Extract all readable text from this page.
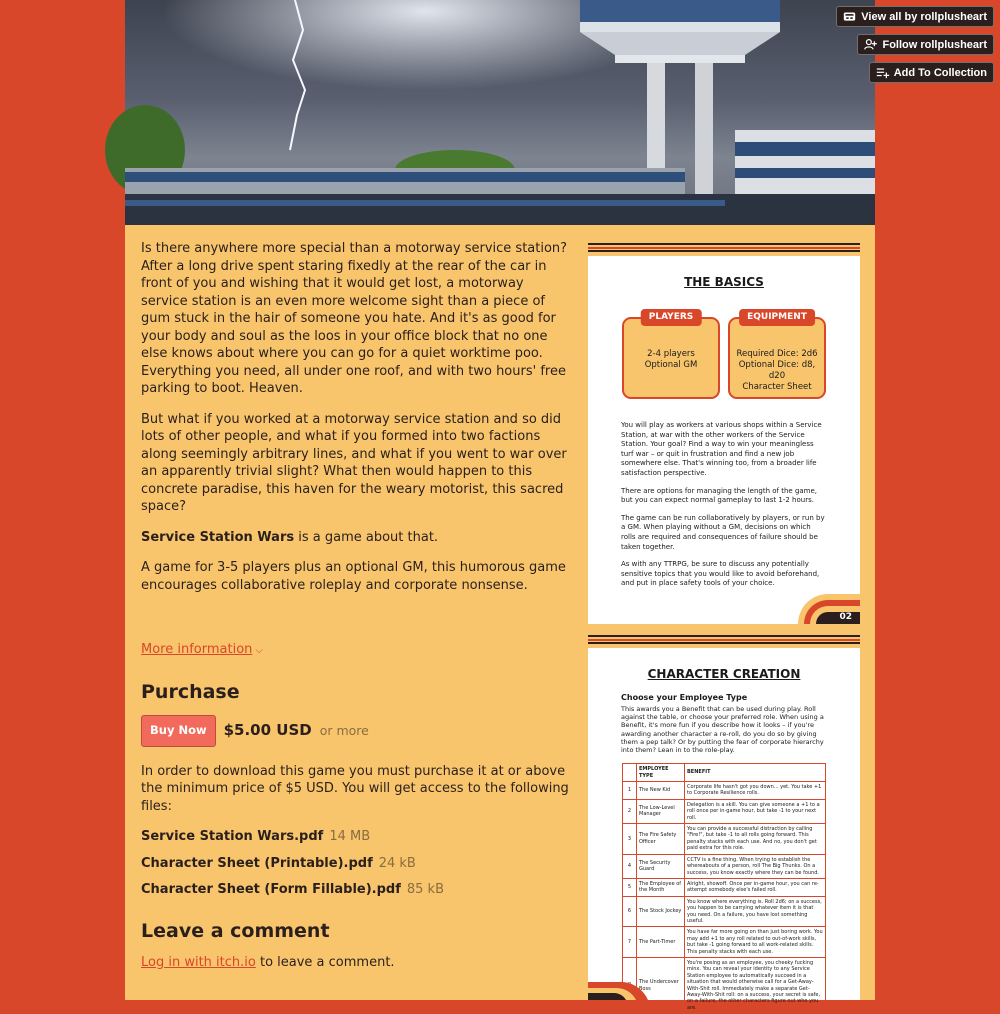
View all by rollplusheart
Follow rollplusheart
Add To Collection

Is there anywhere more special than a motorway service station? After a long drive spent staring fixedly at the rear of the car in front of you and wishing that it would get lost, a motorway service station is an even more welcome sight than a piece of gum stuck in the hair of someone you hate. And it's as good for your body and soul as the loos in your office block that no one else knows about where you can go for a quiet worktime poo. Everything you need, all under one roof, and with two hours' free parking to boot. Heaven.

But what if you worked at a motorway service station and so did lots of other people, and what if you formed into two factions along seemingly arbitrary lines, and what if you went to war over an apparently trivial slight? What then would happen to this concrete paradise, this haven for the weary motorist, this sacred space?

Service Station Wars is a game about that.

A game for 3-5 players plus an optional GM, this humorous game encourages collaborative roleplay and corporate nonsense.

More information ⌵
Purchase
Buy Now	$5.00 USD or more

In order to download this game you must purchase it at or above the minimum price of $5 USD. You will get access to the following files:

Service Station Wars.pdf 14 MB
Character Sheet (Printable).pdf 24 kB
Character Sheet (Form Fillable).pdf 85 kB
Leave a comment

Log in with itch.io to leave a comment.

THE BASICS
PLAYERS
2-4 players
Optional GM
EQUIPMENT
Required Dice: 2d6
Optional Dice: d8, d20
Character Sheet

You will play as workers at various shops within a Service Station, at war with the other workers of the Service Station. Your goal? Find a way to win your meaningless turf war – or quit in frustration and find a new job somewhere else. That's winning too, from a broader life satisfaction perspective.

There are options for managing the length of the game, but you can expect normal gameplay to last 1-2 hours.

The game can be run collaboratively by players, or run by a GM. When playing without a GM, decisions on which rolls are required and consequences of failure should be taken together.

As with any TTRPG, be sure to discuss any potentially sensitive topics that you would like to avoid beforehand, and put in place safety tools of your choice.

02
CHARACTER CREATION
Choose your Employee Type
This awards you a Benefit that can be used during play. Roll against the table, or choose your preferred role. When using a Benefit, it's more fun if you describe how it looks – if you're awarding another character a re-roll, do you do so by giving them a pep talk? Or by putting the fear of corporate hierarchy into them? Lean in to the role-play.
	EMPLOYEE TYPE	BENEFIT
1	The New Kid	Corporate life hasn't got you down... yet. You take +1 to Corporate Resilience rolls.
2	The Low-Level Manager	Delegation is a skill. You can give someone a +1 to a roll once per in-game hour, but take -1 to your next roll.
3	The Fire Safety Officer	You can provide a successful distraction by calling "Fire!", but take -1 to all rolls going forward. This penalty stacks with each use. And no, you don't get paid extra for this role.
4	The Security Guard	CCTV is a fine thing. When trying to establish the whereabouts of a person, roll The Big Thunks. On a success, you know exactly where they can be found.
5	The Employee of the Month	Alright, showoff. Once per in-game hour, you can re-attempt somebody else's failed roll.
6	The Stock Jockey	You know where everything is. Roll 2d6; on a success, you happen to be carrying whatever item it is that you need. On a failure, you have lost something useful.
7	The Part-Timer	You have far more going on than just boring work. You may add +1 to any roll related to out-of-work skills, but take -1 going forward to all work-related skills. This penalty stacks with each use.
	The Undercover Boss	You're posing as an employee, you cheeky fucking minx. You can reveal your identity to any Service Station employee to automatically succeed in a situation that would otherwise call for a Get-Away-With-Shit roll. Immediately make a separate Get-Away-With-Shit roll: on a success, your secret is safe, on a failure, the other characters figure out who you are.
